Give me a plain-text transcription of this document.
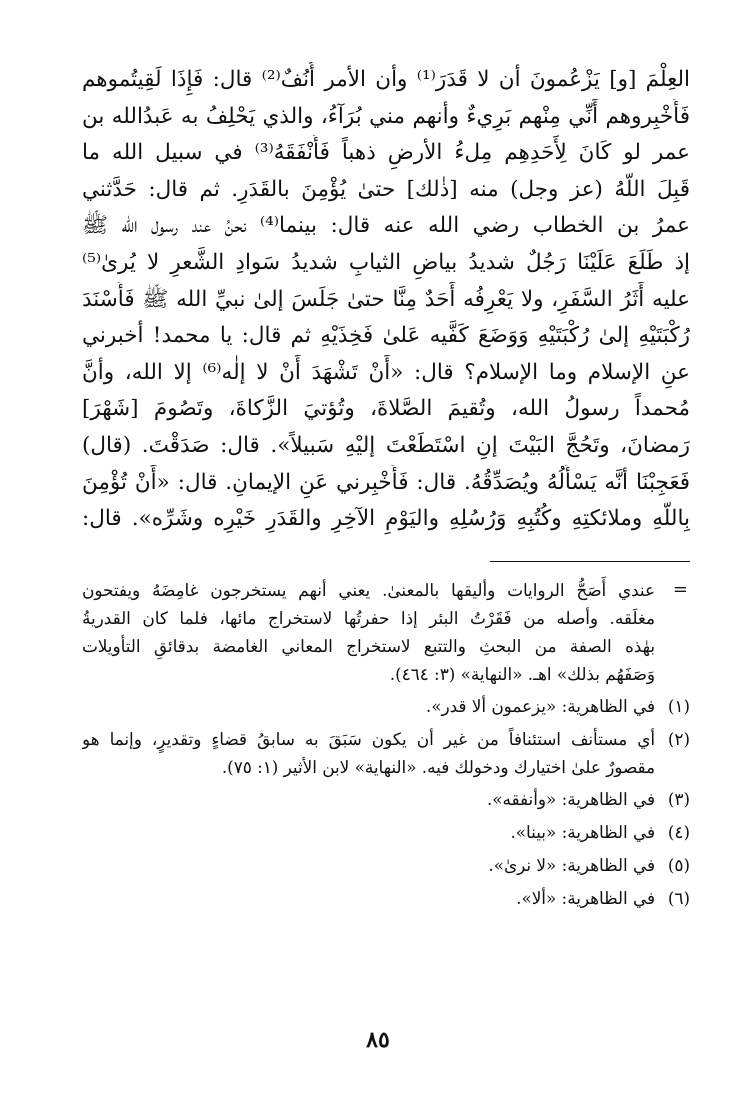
العِلْمَ [و] يَزْعُمونَ أن لا قَدَرَ⁽¹⁾ وأن الأمر أُنُفٌ⁽²⁾ قال: فَإِذَا لَقِيتُموهم
فَأَخْبِروهم أَنِّي مِنْهم بَرِيءٌ وأنهم مني بُرَآءُ، والذي يَحْلِفُ به عَبدُالله بن
عمر لو كَانَ لِأَحَدِهِم مِلءُ الأرضِ ذهباً فَأَنْفَقَهُ⁽³⁾ في سبيل الله ما
قَبِلَ اللَّهُ (عز وجل) منه [ذٰلك] حتىٰ يُؤْمِنَ بالقَدَرِ. ثم قال: حَدَّثني
عمرُ بن الخطاب رضي الله عنه قال: بينما⁽⁴⁾ نحنُ عند رسول الله ﷺ
إذ طَلَعَ عَلَيْنَا رَجُلٌ شديدُ بياضِ الثيابِ شديدُ سَوادِ الشَّعرِ لا يُرىٰ⁽⁵⁾
عليه أَثَرُ السَّفَرِ، ولا يَعْرِفُه أَحَدٌ مِنَّا حتىٰ جَلَسَ إلىٰ نبيِّ الله ﷺ فَأَسْنَدَ
رُكْبَتَيْهِ إلىٰ رُكْبَتَيْهِ وَوَضَعَ كَفَّيه عَلىٰ فَخِذَيْهِ ثم قال: يا محمد! أخبرني
عنِ الإسلام وما الإسلام؟ قال: «أَنْ تَشْهَدَ أَنْ لا إلٰه⁽⁶⁾ إلا الله، وأنَّ
مُحمداً رسولُ الله، وتُقيمَ الصَّلاةَ، وتُؤتيَ الزَّكاةَ، وتَصُومَ [شَهْرَ]
رَمضانَ، وتَحُجَّ البَيْتَ إنِ اسْتَطَعْتَ إليْهِ سَبيلاً». قال: صَدَقْتَ. (قال)
فَعَجِبْنَا أنَّه يَسْأَلُهُ ويُصَدِّقُهُ. قال: فَأَخْبِرني عَنِ الإيمانِ. قال: «أَنْ تُؤْمِنَ
بِاللَّهِ وملائكتِهِ وكُتُبِهِ وَرُسُلِهِ واليَوْمِ الآخِرِ والقَدَرِ خَيْرِه وشَرِّه». قال:
=
عندي أَصَحُّ الروايات وأليقها بالمعنىٰ. يعني أنهم يستخرجون غامِضَهُ ويفتحون
مغلَقه. وأصله من فَقَرْتُ البئر إذا حفرتُها لاستخراج مائها، فلما كان القدريةُ
بهٰذه الصفة من البحثِ والتتبع لاستخراج المعاني الغامضة بدقائقِ التأويلات
وَصَفَهُم بذلك» اهـ. «النهاية» (٣: ٤٦٤).
(١)
في الظاهرية: «يزعمون ألا قدر».
(٢)
أي مستأنف استئنافاً من غير أن يكون سَبَقَ به سابقُ قضاءٍ وتقديرٍ، وإنما هو
مقصورٌ علىٰ اختيارك ودخولك فيه. «النهاية» لابن الأثير (١: ٧٥).
(٣)
في الظاهرية: «وأنفقه».
(٤)
في الظاهرية: «بينا».
(٥)
في الظاهرية: «لا نرىٰ».
(٦)
في الظاهرية: «ألا».
٨٥
